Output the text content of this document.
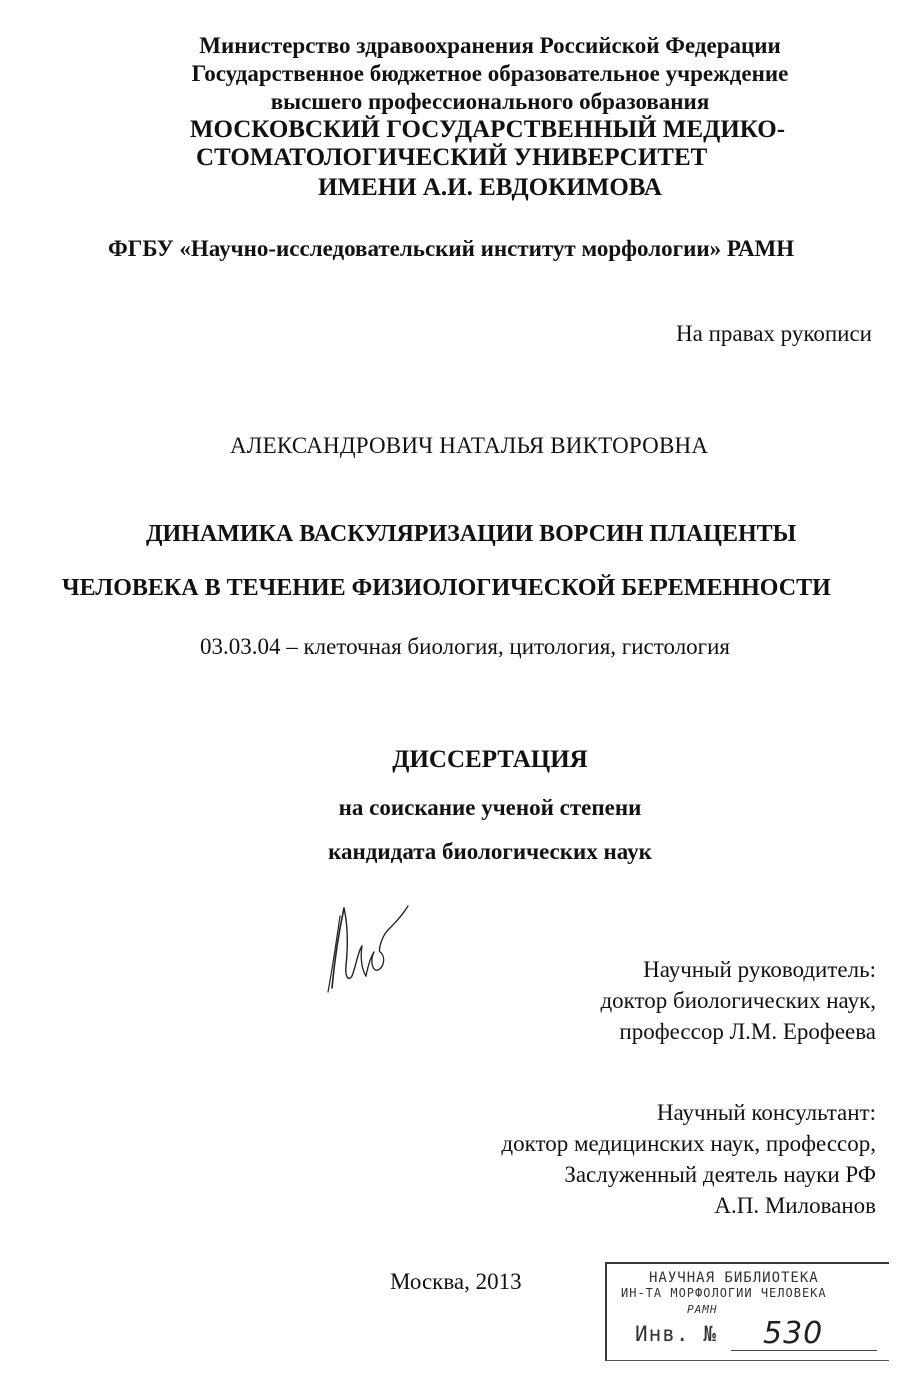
Министерство здравоохранения Российской Федерации
Государственное бюджетное образовательное учреждение
высшего профессионального образования
МОСКОВСКИЙ ГОСУДАРСТВЕННЫЙ МЕДИКО-
СТОМАТОЛОГИЧЕСКИЙ УНИВЕРСИТЕТ
ИМЕНИ А.И. ЕВДОКИМОВА
ФГБУ «Научно-исследовательский институт морфологии» РАМН
На правах рукописи
АЛЕКСАНДРОВИЧ НАТАЛЬЯ ВИКТОРОВНА
ДИНАМИКА ВАСКУЛЯРИЗАЦИИ ВОРСИН ПЛАЦЕНТЫ
ЧЕЛОВЕКА В ТЕЧЕНИЕ ФИЗИОЛОГИЧЕСКОЙ БЕРЕМЕННОСТИ
03.03.04 – клеточная биология, цитология, гистология
ДИССЕРТАЦИЯ
на соискание ученой степени
кандидата биологических наук
Научный руководитель:
доктор биологических наук,
профессор Л.М. Ерофеева
Научный консультант:
доктор медицинских наук, профессор,
Заслуженный деятель науки РФ
А.П. Милованов
Москва, 2013	НАУЧНАЯ БИБЛИОТЕКА
ИН-ТА МОРФОЛОГИИ ЧЕЛОВЕКА
РАМН
Инв. № 530
